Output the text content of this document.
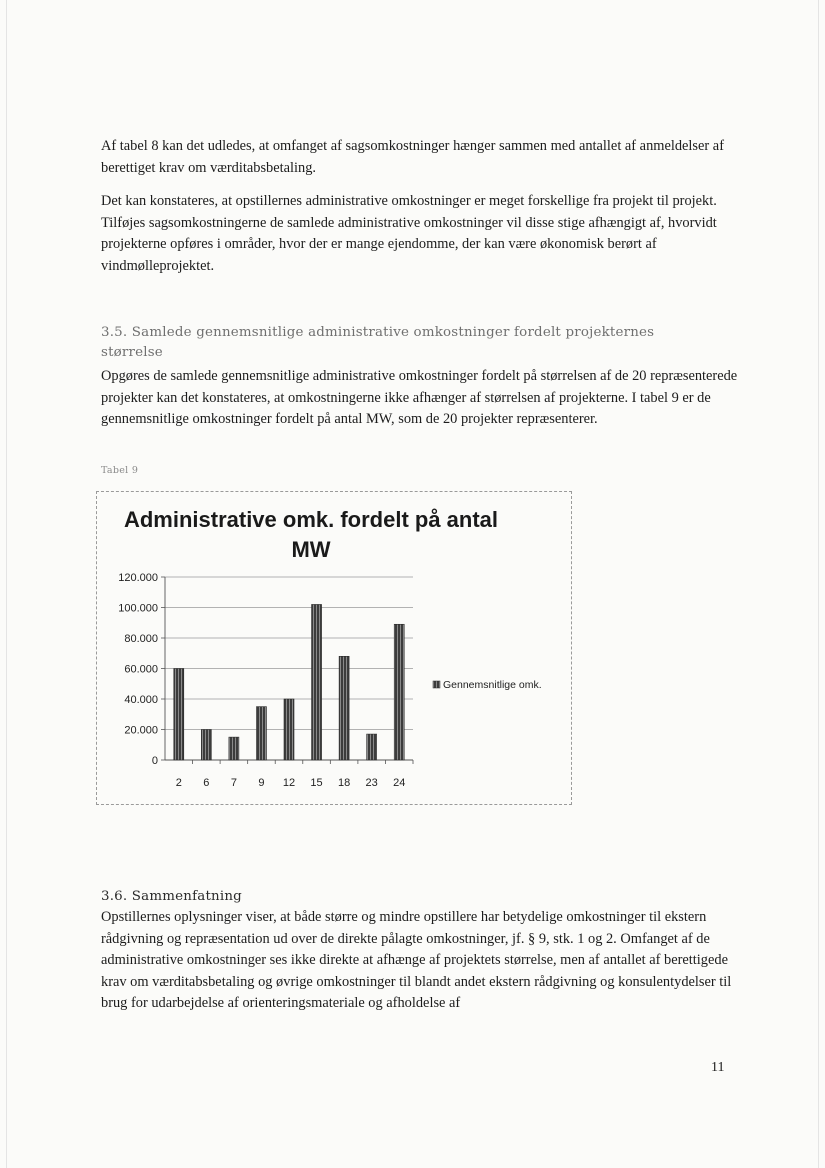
Af tabel 8 kan det udledes, at omfanget af sagsomkostninger hænger sammen med antallet af anmeldelser af berettiget krav om værditabsbetaling.

Det kan konstateres, at opstillernes administrative omkostninger er meget forskellige fra projekt til projekt. Tilføjes sagsomkostningerne de samlede administrative omkostninger vil disse stige afhængigt af, hvorvidt projekterne opføres i områder, hvor der er mange ejendomme, der kan være økonomisk berørt af vindmølleprojektet.

3.5. Samlede gennemsnitlige administrative omkostninger fordelt projekternes
størrelse

Opgøres de samlede gennemsnitlige administrative omkostninger fordelt på størrelsen af de 20 repræsenterede projekter kan det konstateres, at omkostningerne ikke afhænger af størrelsen af projekterne. I tabel 9 er de gennemsnitlige omkostninger fordelt på antal MW, som de 20 projekter repræsenterer.

Tabel 9
Administrative omk. fordelt på antal
MW
0
20.000
40.000
60.000
80.000
100.000
120.000
2 6 7 9 12 15 18 23 24
Gennemsnitlige omk.

3.6. Sammenfatning

Opstillernes oplysninger viser, at både større og mindre opstillere har betydelige omkostninger til ekstern rådgivning og repræsentation ud over de direkte pålagte omkostninger, jf. § 9, stk. 1 og 2. Omfanget af de administrative omkostninger ses ikke direkte at afhænge af projektets størrelse, men af antallet af berettigede krav om værditabsbetaling og øvrige omkostninger til blandt andet ekstern rådgivning og konsulentydelser til brug for udarbejdelse af orienteringsmateriale og afholdelse af

11
